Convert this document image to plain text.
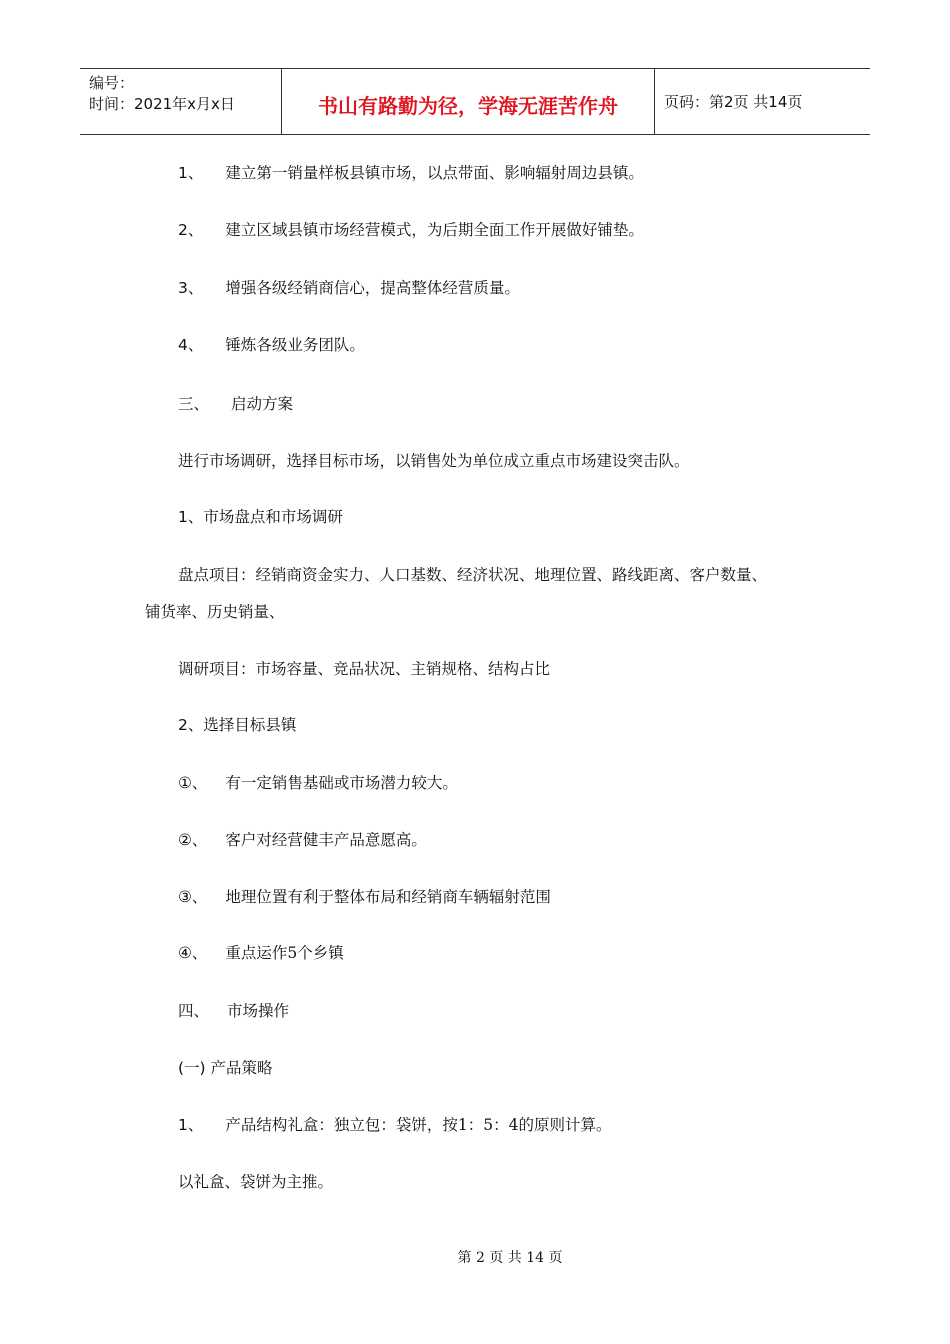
编号：
时间：2021年x月x日	书山有路勤为径，学海无涯苦作舟	页码：第2页 共14页
1、 建立第一销量样板县镇市场，以点带面、影响辐射周边县镇。
2、 建立区域县镇市场经营模式，为后期全面工作开展做好铺垫。
3、 增强各级经销商信心，提高整体经营质量。
4、 锤炼各级业务团队。
三、 启动方案
进行市场调研，选择目标市场，以销售处为单位成立重点市场建设突击队。
1、市场盘点和市场调研
盘点项目：经销商资金实力、人口基数、经济状况、地理位置、路线距离、客户数量、
铺货率、历史销量、
调研项目：市场容量、竞品状况、主销规格、结构占比
2、选择目标县镇
①、 有一定销售基础或市场潜力较大。
②、 客户对经营健丰产品意愿高。
③、 地理位置有利于整体布局和经销商车辆辐射范围
④、 重点运作5个乡镇
四、 市场操作
(一) 产品策略
1、 产品结构礼盒：独立包：袋饼，按1：5：4的原则计算。
以礼盒、袋饼为主推。
第 2 页 共 14 页
